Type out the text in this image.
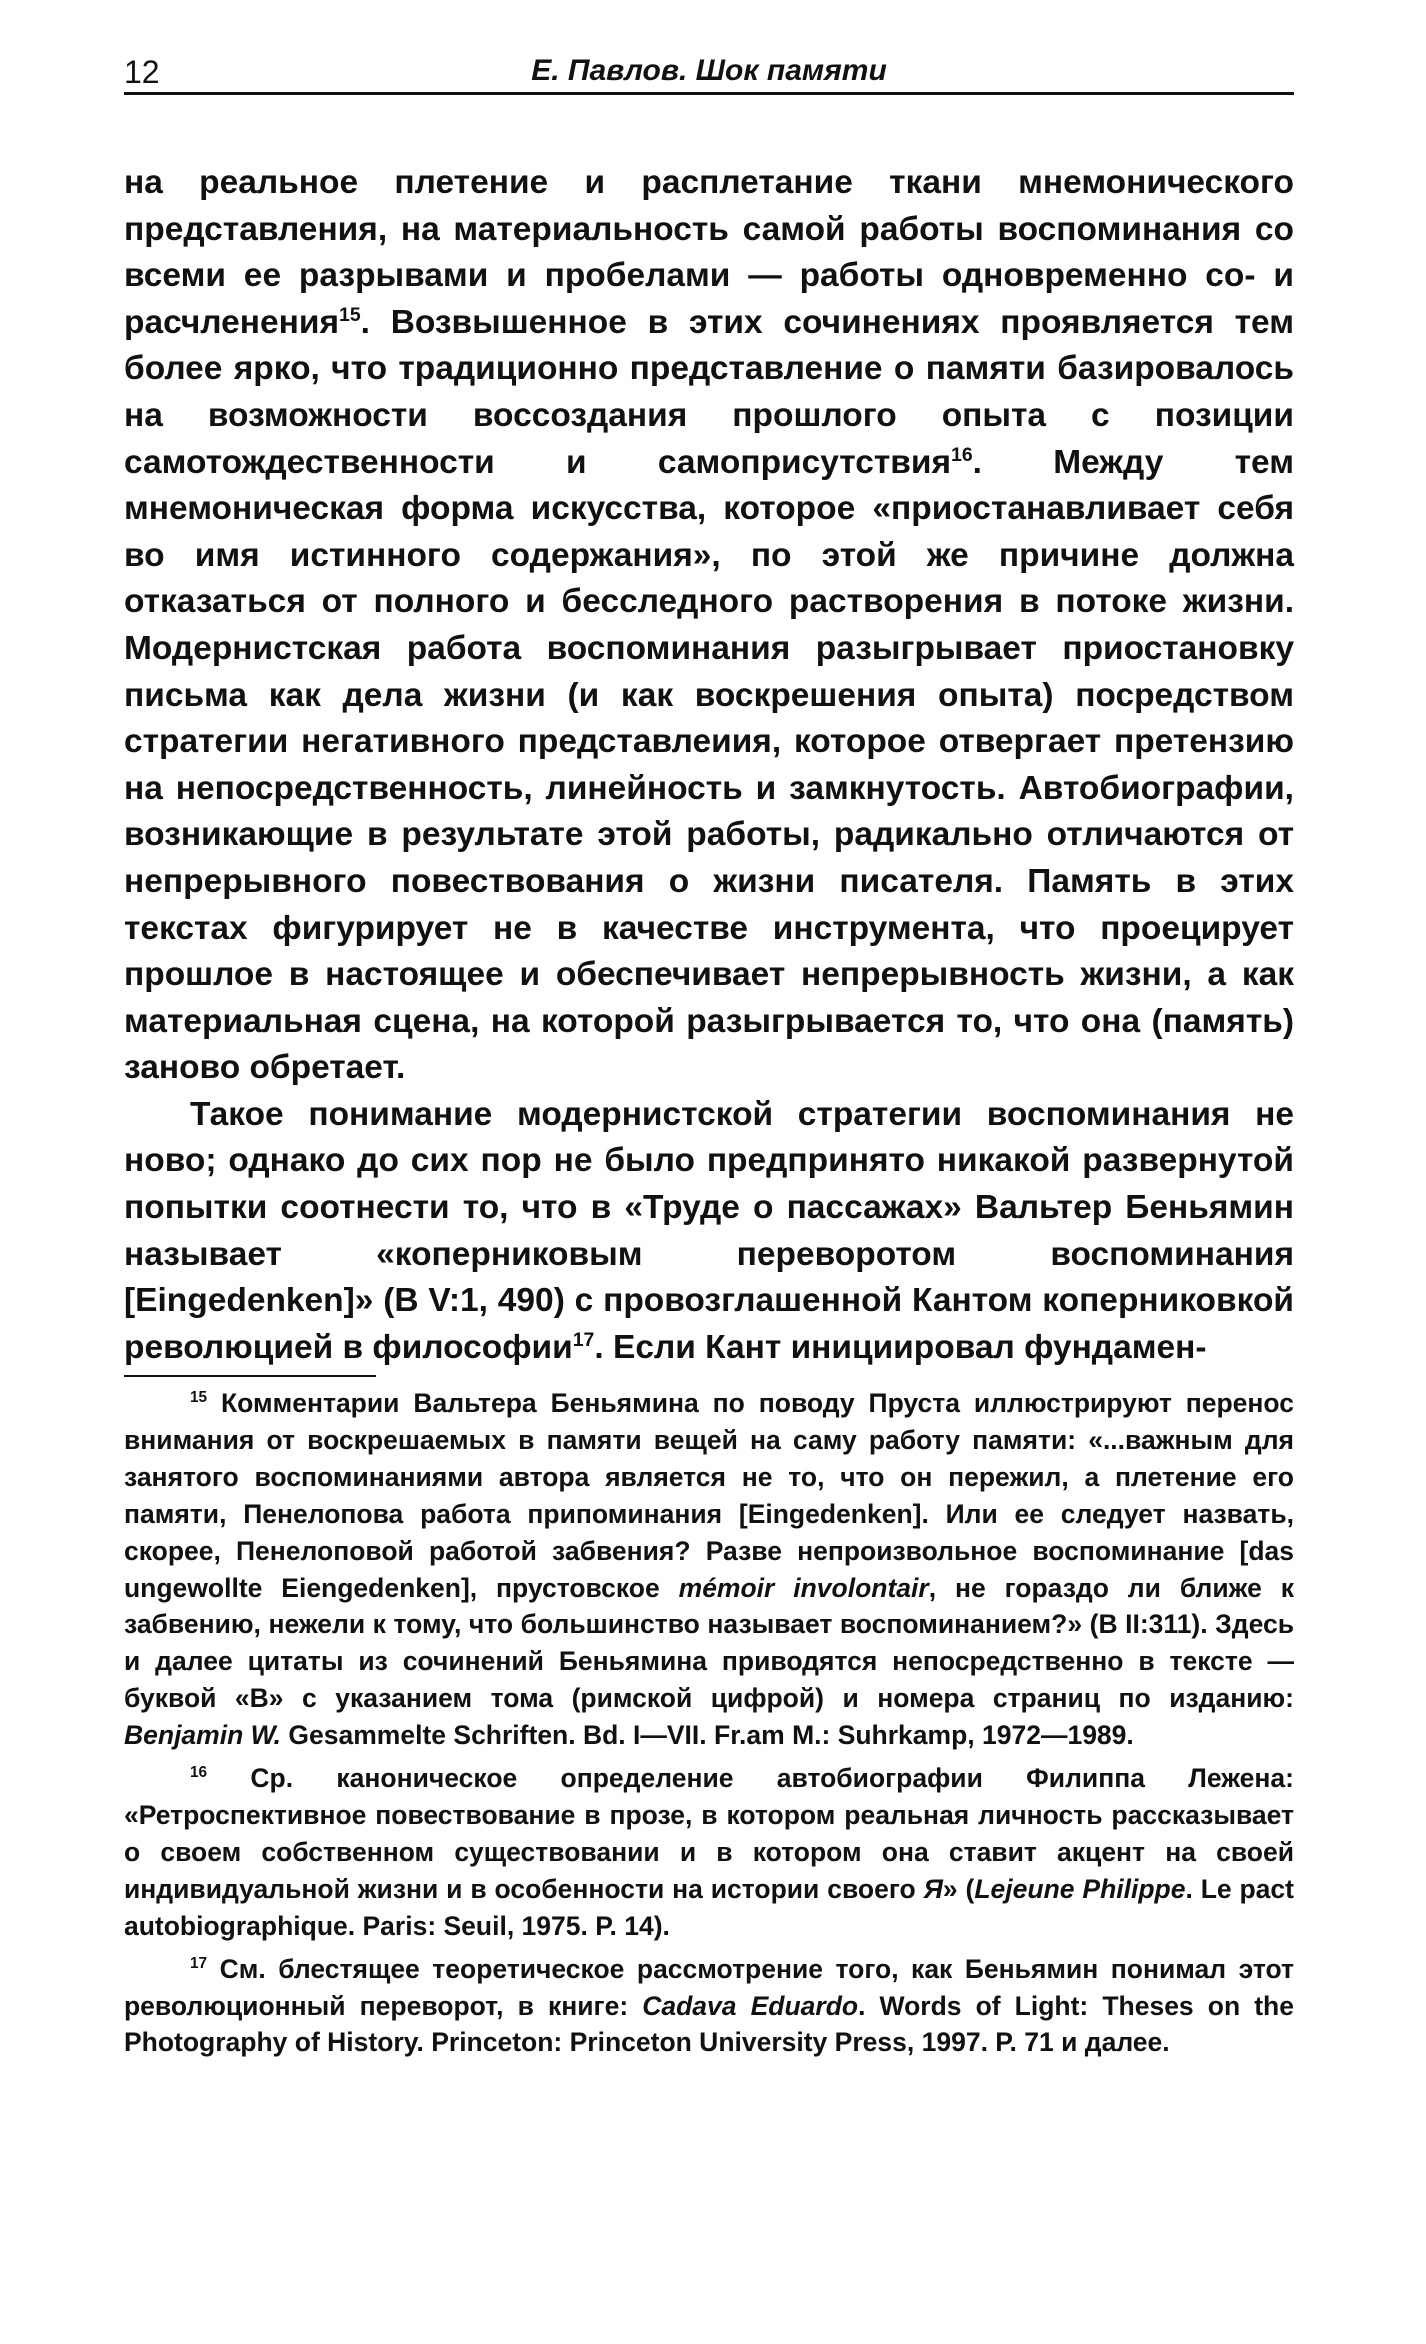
12	Е. Павлов. Шок памяти

на реальное плетение и расплетание ткани мнемонического представления, на материальность самой работы воспоминания со всеми ее разрывами и пробелами — работы одновременно со- и расчленения$^{15}$. Возвышенное в этих сочинениях проявляется тем более ярко, что традиционно представление о памяти базировалось на возможности воссоздания прошлого опыта с позиции самотождественности и самоприсутствия$^{16}$. Между тем мнемоническая форма искусства, которое «приостанавливает себя во имя истинного содержания», по этой же причине должна отказаться от полного и бесследного растворения в потоке жизни. Модернистская работа воспоминания разыгрывает приостановку письма как дела жизни (и как воскрешения опыта) посредством стратегии негативного представлеиия, которое отвергает претензию на непосредственность, линейность и замкнутость. Автобиографии, возникающие в результате этой работы, радикально отличаются от непрерывного повествования о жизни писателя. Память в этих текстах фигурирует не в качестве инструмента, что проецирует прошлое в настоящее и обеспечивает непрерывность жизни, а как материальная сцена, на которой разыгрывается то, что она (память) заново обретает.

Такое понимание модернистской стратегии воспоминания не ново; однако до сих пор не было предпринято никакой развернутой попытки соотнести то, что в «Труде о пассажах» Вальтер Беньямин называет «коперниковым переворотом воспоминания [Eingedenken]» (В V:1, 490) с провозглашенной Кантом коперниковкой революцией в философии$^{17}$. Если Кант инициировал фундамен-

$^{15}$ Комментарии Вальтера Беньямина по поводу Пруста иллюстрируют перенос внимания от воскрешаемых в памяти вещей на саму работу памяти: «...важным для занятого воспоминаниями автора является не то, что он пережил, а плетение его памяти, Пенелопова работа припоминания [Eingedenken]. Или ее следует назвать, скорее, Пенелоповой работой забвения? Разве непроизвольное воспоминание [das ungewollte Eiengedenken], прустовское mémoir involontair, не гораздо ли ближе к забвению, нежели к тому, что большинство называет воспоминанием?» (В II:311). Здесь и далее цитаты из сочинений Беньямина приводятся непосредственно в тексте — буквой «В» с указанием тома (римской цифрой) и номера страниц по изданию: Benjamin W. Gesammelte Schriften. Bd. I—VII. Fr.am M.: Suhrkamp, 1972—1989.

$^{16}$ Ср. каноническое определение автобиографии Филиппа Лежена: «Ретроспективное повествование в прозе, в котором реальная личность рассказывает о своем собственном существовании и в котором она ставит акцент на своей индивидуальной жизни и в особенности на истории своего Я» (Lejeune Philippe. Le pact autobiographique. Paris: Seuil, 1975. P. 14).

$^{17}$ См. блестящее теоретическое рассмотрение того, как Беньямин понимал этот революционный переворот, в книге: Cadava Eduardo. Words of Light: Theses on the Photography of History. Princeton: Princeton University Press, 1997. P. 71 и далее.
